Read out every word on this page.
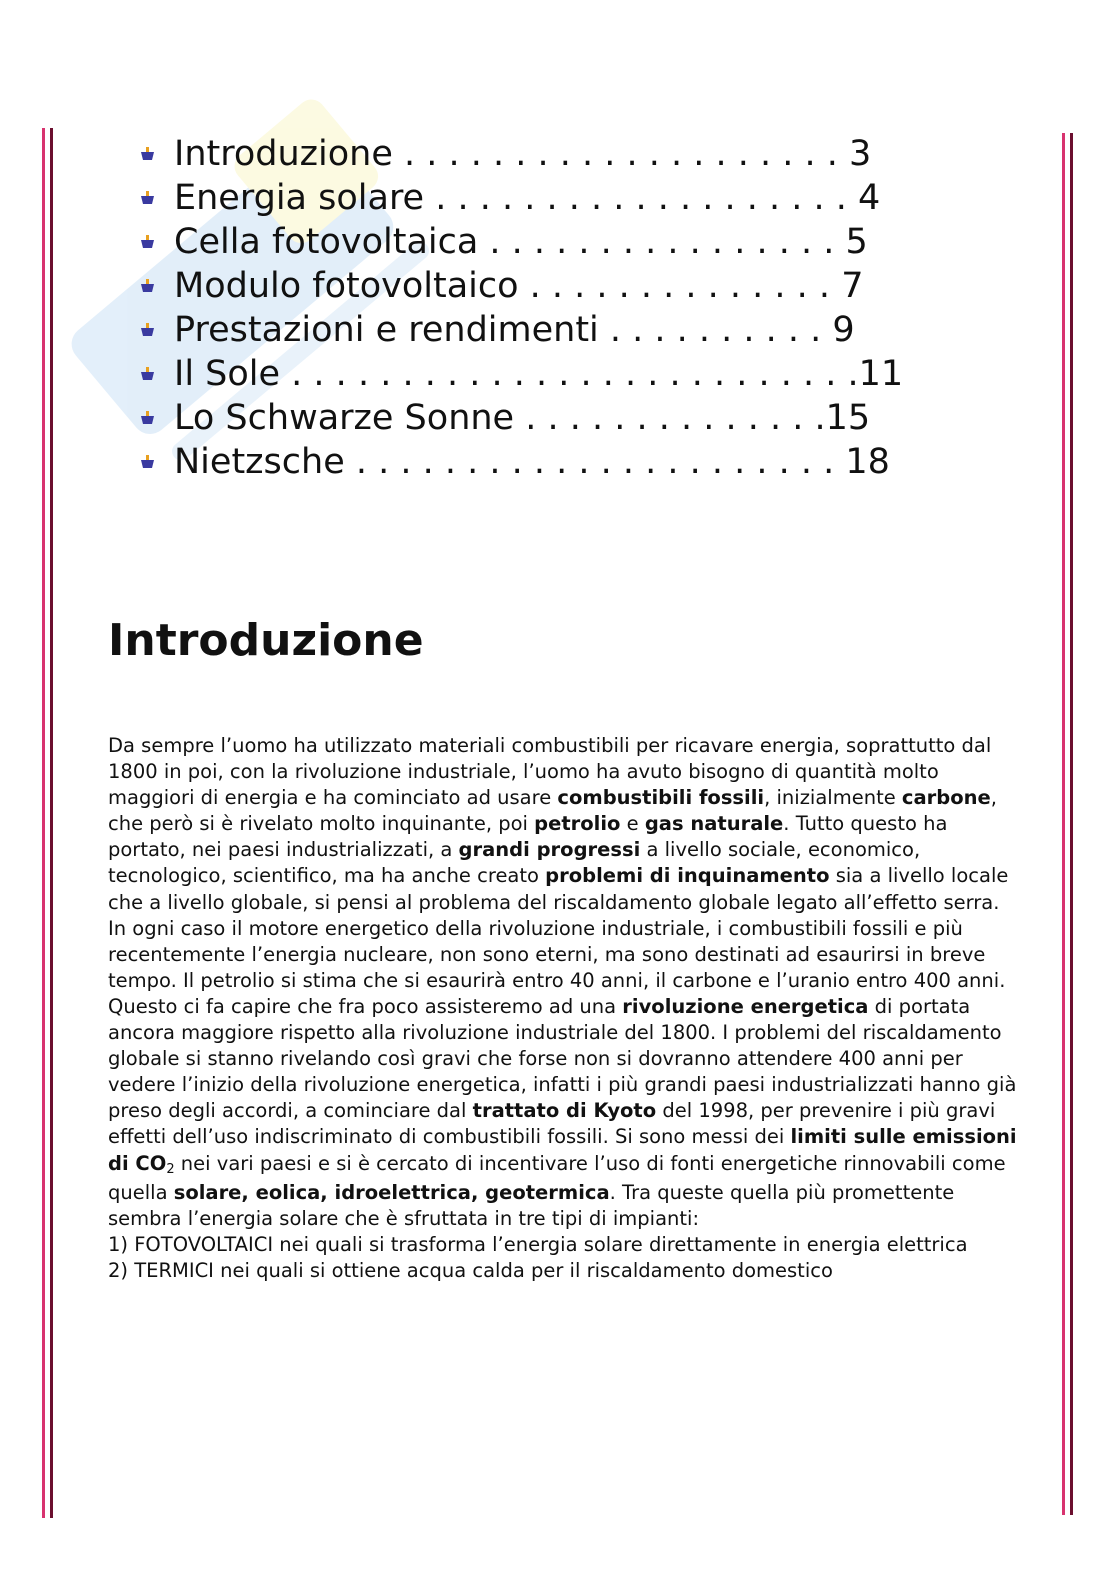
Introduzione . . . . . . . . . . . . . . . . . . . . 3

Energia solare . . . . . . . . . . . . . . . . . . . 4

Cella fotovoltaica . . . . . . . . . . . . . . . . 5

Modulo fotovoltaico . . . . . . . . . . . . . . 7

Prestazioni e rendimenti . . . . . . . . . . 9

Il Sole . . . . . . . . . . . . . . . . . . . . . . . . . .11

Lo Schwarze Sonne . . . . . . . . . . . . . .15

Nietzsche . . . . . . . . . . . . . . . . . . . . . . 18

Introduzione

Da sempre l’uomo ha utilizzato materiali combustibili per ricavare energia, soprattutto dal 1800 in poi, con la rivoluzione industriale, l’uomo ha avuto bisogno di quantità molto maggiori di energia e ha cominciato ad usare combustibili fossili, inizialmente carbone, che però si è rivelato molto inquinante, poi petrolio e gas naturale. Tutto questo ha portato, nei paesi industrializzati, a grandi progressi a livello sociale, economico, tecnologico, scientifico, ma ha anche creato problemi di inquinamento sia a livello locale che a livello globale, si pensi al problema del riscaldamento globale legato all’effetto serra. In ogni caso il motore energetico della rivoluzione industriale, i combustibili fossili e più recentemente l’energia nucleare, non sono eterni, ma sono destinati ad esaurirsi in breve tempo. Il petrolio si stima che si esaurirà entro 40 anni, il carbone e l’uranio entro 400 anni. Questo ci fa capire che fra poco assisteremo ad una rivoluzione energetica di portata ancora maggiore rispetto alla rivoluzione industriale del 1800. I problemi del riscaldamento globale si stanno rivelando così gravi che forse non si dovranno attendere 400 anni per vedere l’inizio della rivoluzione energetica, infatti i più grandi paesi industrializzati hanno già preso degli accordi, a cominciare dal trattato di Kyoto del 1998, per prevenire i più gravi effetti dell’uso indiscriminato di combustibili fossili. Si sono messi dei limiti sulle emissioni di $CO_2$ nei vari paesi e si è cercato di incentivare l’uso di fonti energetiche rinnovabili come quella solare, eolica, idroelettrica, geotermica. Tra queste quella più promettente sembra l’energia solare che è sfruttata in tre tipi di impianti:
1) FOTOVOLTAICI nei quali si trasforma l’energia solare direttamente in energia elettrica
2) TERMICI nei quali si ottiene acqua calda per il riscaldamento domestico
